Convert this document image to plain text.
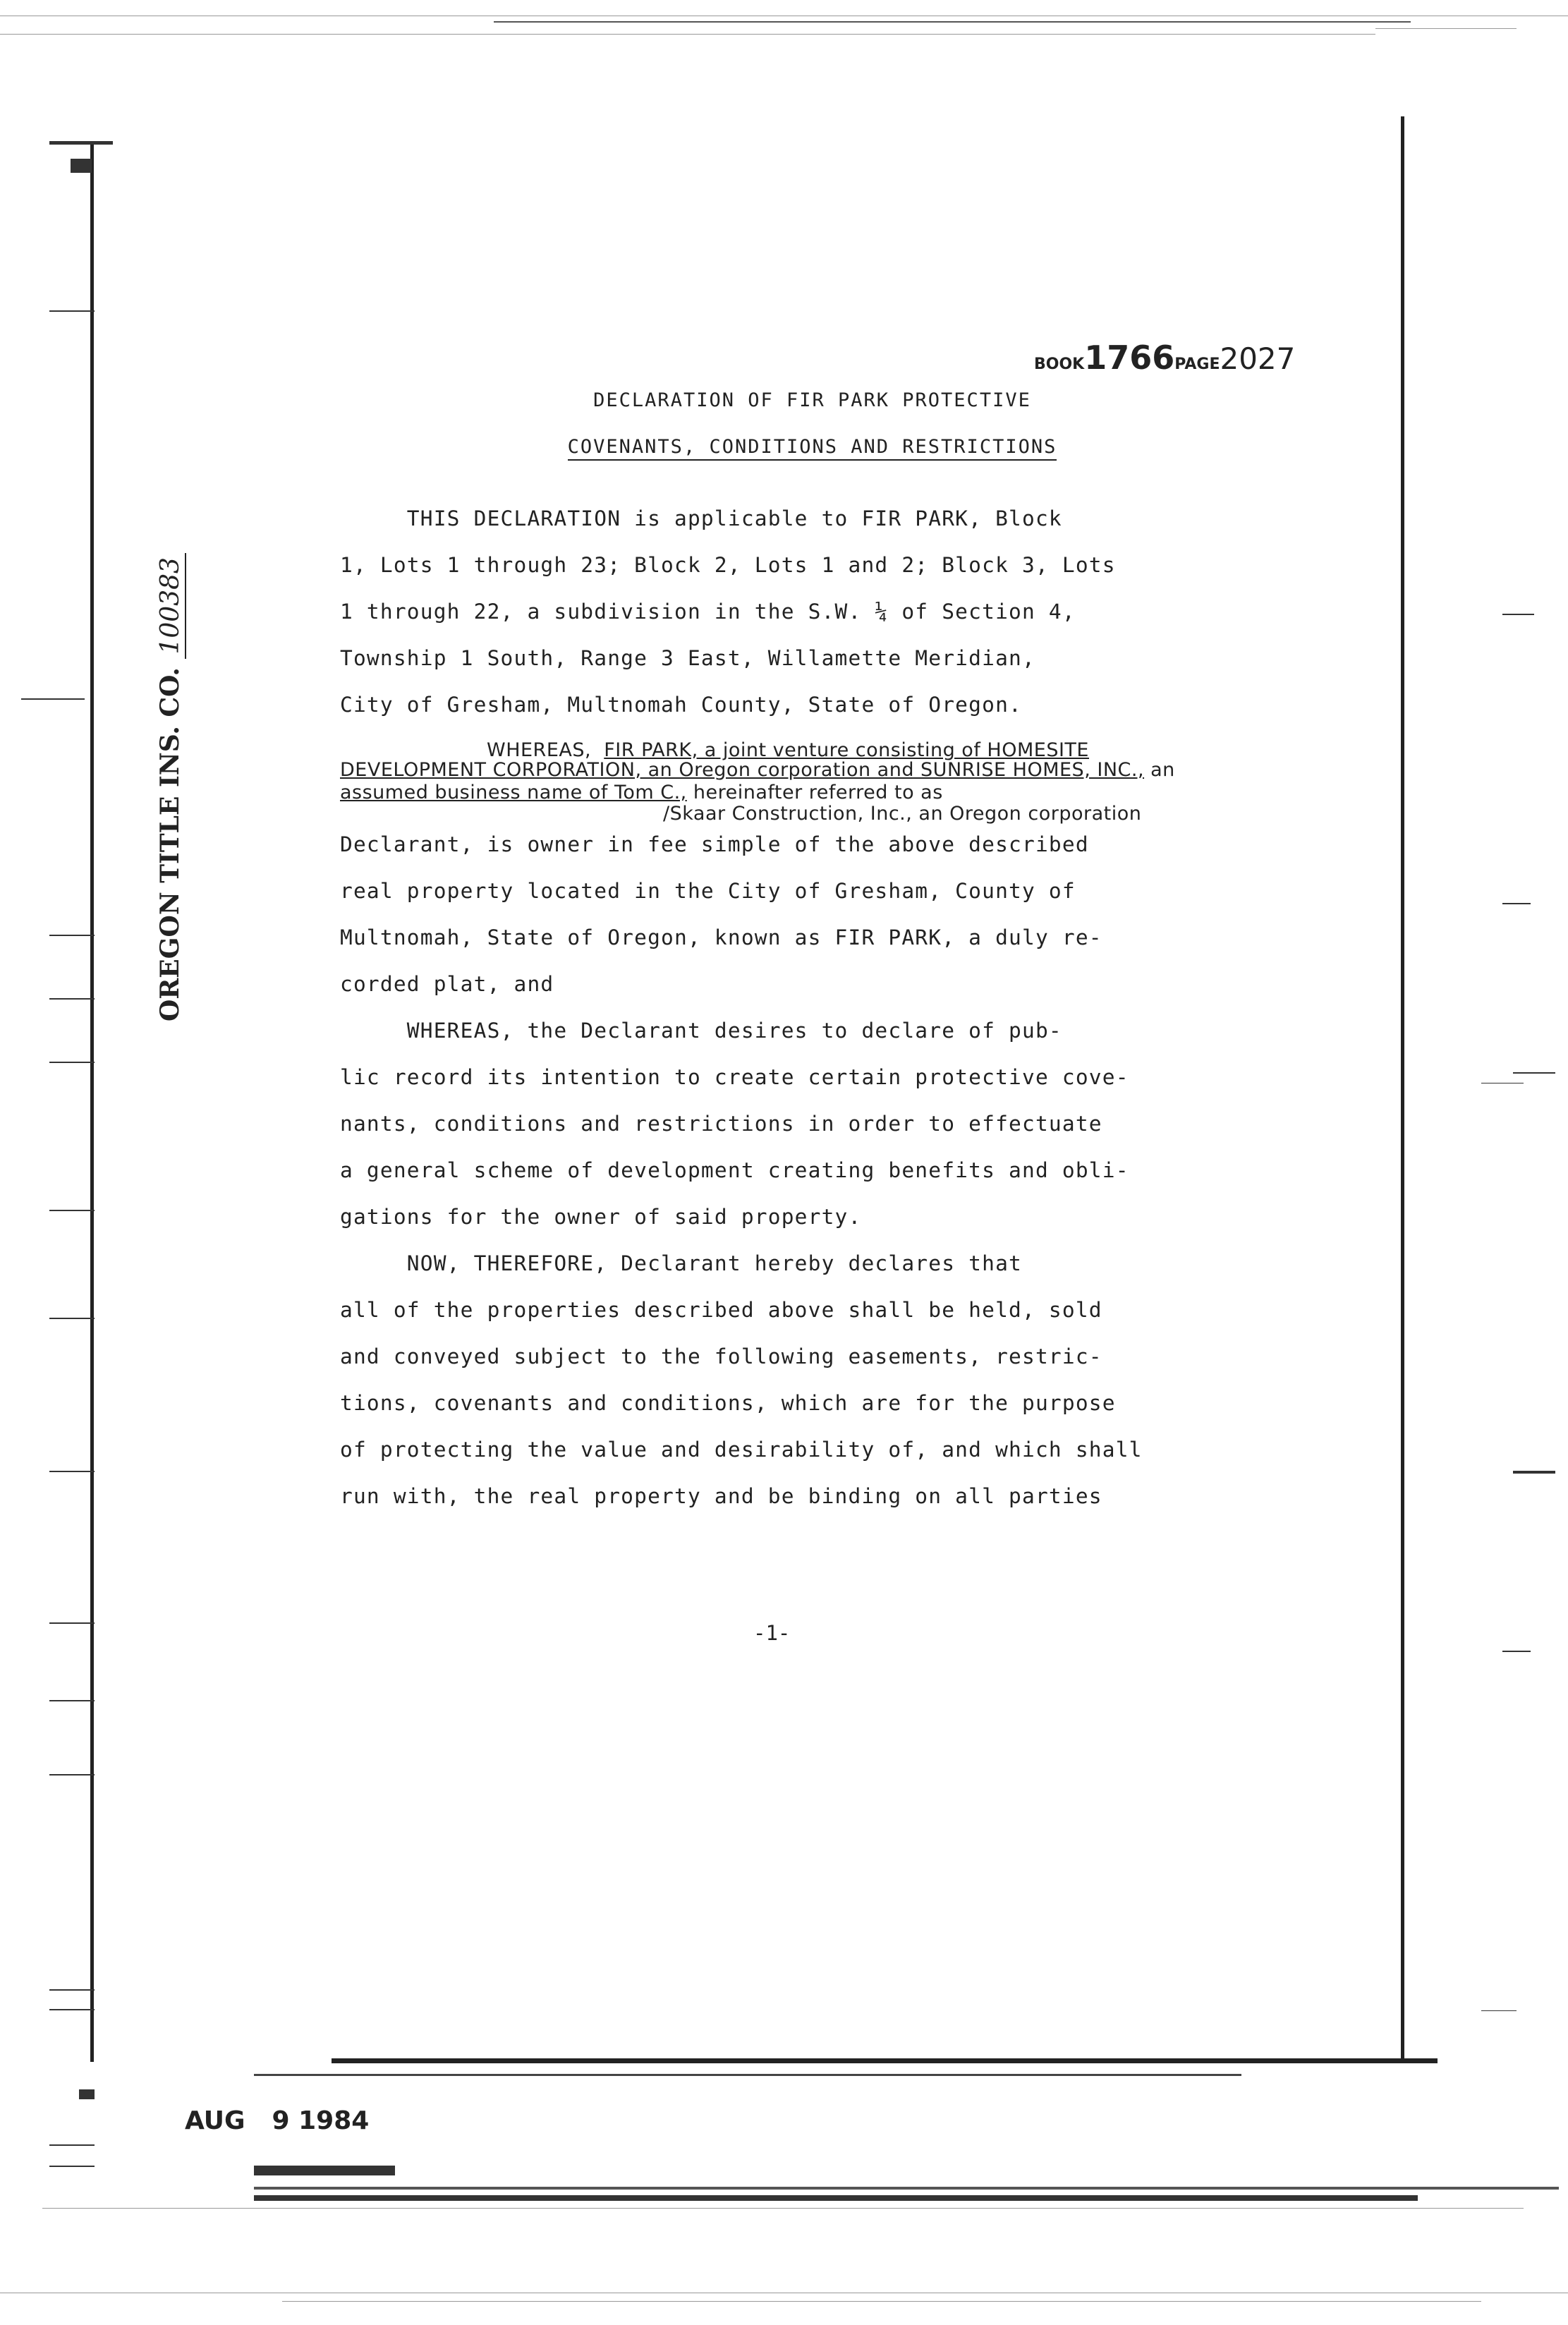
BOOK1766PAGE2027
DECLARATION OF FIR PARK PROTECTIVE
COVENANTS, CONDITIONS AND RESTRICTIONS
THIS DECLARATION is applicable to FIR PARK, Block
1, Lots 1 through 23; Block 2, Lots 1 and 2; Block 3, Lots
1 through 22, a subdivision in the S.W. ¼ of Section 4,
Township 1 South, Range 3 East, Willamette Meridian,
City of Gresham, Multnomah County, State of Oregon.
WHEREAS, FIR PARK, a joint venture consisting of HOMESITE
DEVELOPMENT CORPORATION, an Oregon corporation and SUNRISE HOMES, INC., an
assumed business name of Tom C., hereinafter referred to as
/Skaar Construction, Inc., an Oregon corporation
Declarant, is owner in fee simple of the above described
real property located in the City of Gresham, County of
Multnomah, State of Oregon, known as FIR PARK, a duly re-
corded plat, and
WHEREAS, the Declarant desires to declare of pub-
lic record its intention to create certain protective cove-
nants, conditions and restrictions in order to effectuate
a general scheme of development creating benefits and obli-
gations for the owner of said property.
NOW, THEREFORE, Declarant hereby declares that
all of the properties described above shall be held, sold
and conveyed subject to the following easements, restric-
tions, covenants and conditions, which are for the purpose
of protecting the value and desirability of, and which shall
run with, the real property and be binding on all parties
-1-
OREGON TITLE INS. CO. 100383
AUG 9 1984
